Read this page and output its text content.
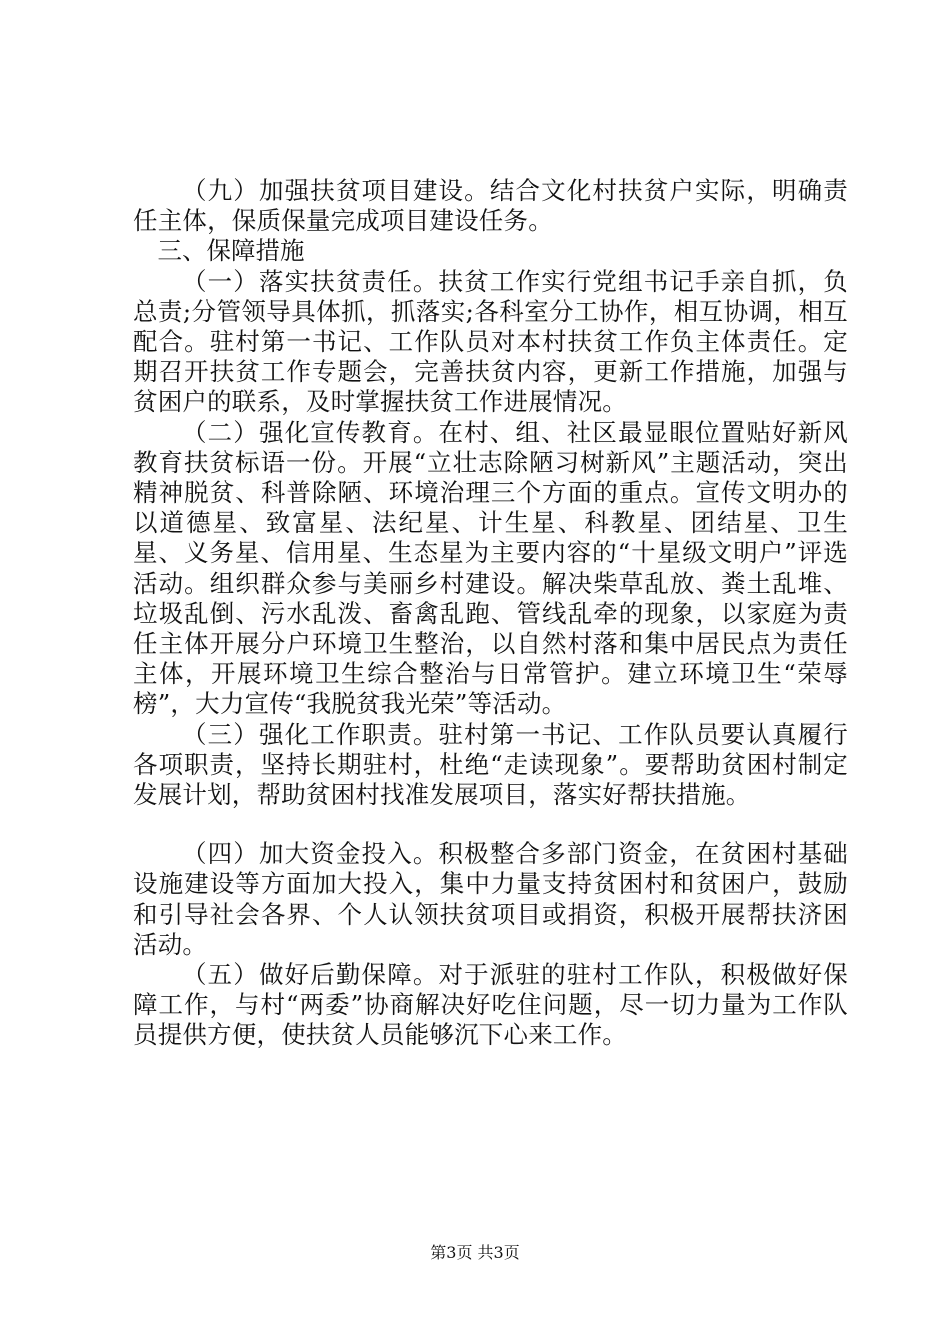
（九）加强扶贫项目建设。结合文化村扶贫户实际，明确责任主体，保质保量完成项目建设任务。

三、保障措施

（一）落实扶贫责任。扶贫工作实行党组书记手亲自抓，负总责;分管领导具体抓，抓落实;各科室分工协作，相互协调，相互配合。驻村第一书记、工作队员对本村扶贫工作负主体责任。定期召开扶贫工作专题会，完善扶贫内容，更新工作措施，加强与贫困户的联系，及时掌握扶贫工作进展情况。

（二）强化宣传教育。在村、组、社区最显眼位置贴好新风教育扶贫标语一份。开展“立壮志除陋习树新风”主题活动，突出精神脱贫、科普除陋、环境治理三个方面的重点。宣传文明办的以道德星、致富星、法纪星、计生星、科教星、团结星、卫生星、义务星、信用星、生态星为主要内容的“十星级文明户”评选活动。组织群众参与美丽乡村建设。解决柴草乱放、粪土乱堆、垃圾乱倒、污水乱泼、畜禽乱跑、管线乱牵的现象，以家庭为责任主体开展分户环境卫生整治，以自然村落和集中居民点为责任主体，开展环境卫生综合整治与日常管护。建立环境卫生“荣辱榜”，大力宣传“我脱贫我光荣”等活动。

（三）强化工作职责。驻村第一书记、工作队员要认真履行各项职责，坚持长期驻村，杜绝“走读现象”。要帮助贫困村制定发展计划，帮助贫困村找准发展项目，落实好帮扶措施。

（四）加大资金投入。积极整合多部门资金，在贫困村基础设施建设等方面加大投入，集中力量支持贫困村和贫困户，鼓励和引导社会各界、个人认领扶贫项目或捐资，积极开展帮扶济困活动。

（五）做好后勤保障。对于派驻的驻村工作队，积极做好保障工作，与村“两委”协商解决好吃住问题，尽一切力量为工作队员提供方便，使扶贫人员能够沉下心来工作。

第3页 共3页
